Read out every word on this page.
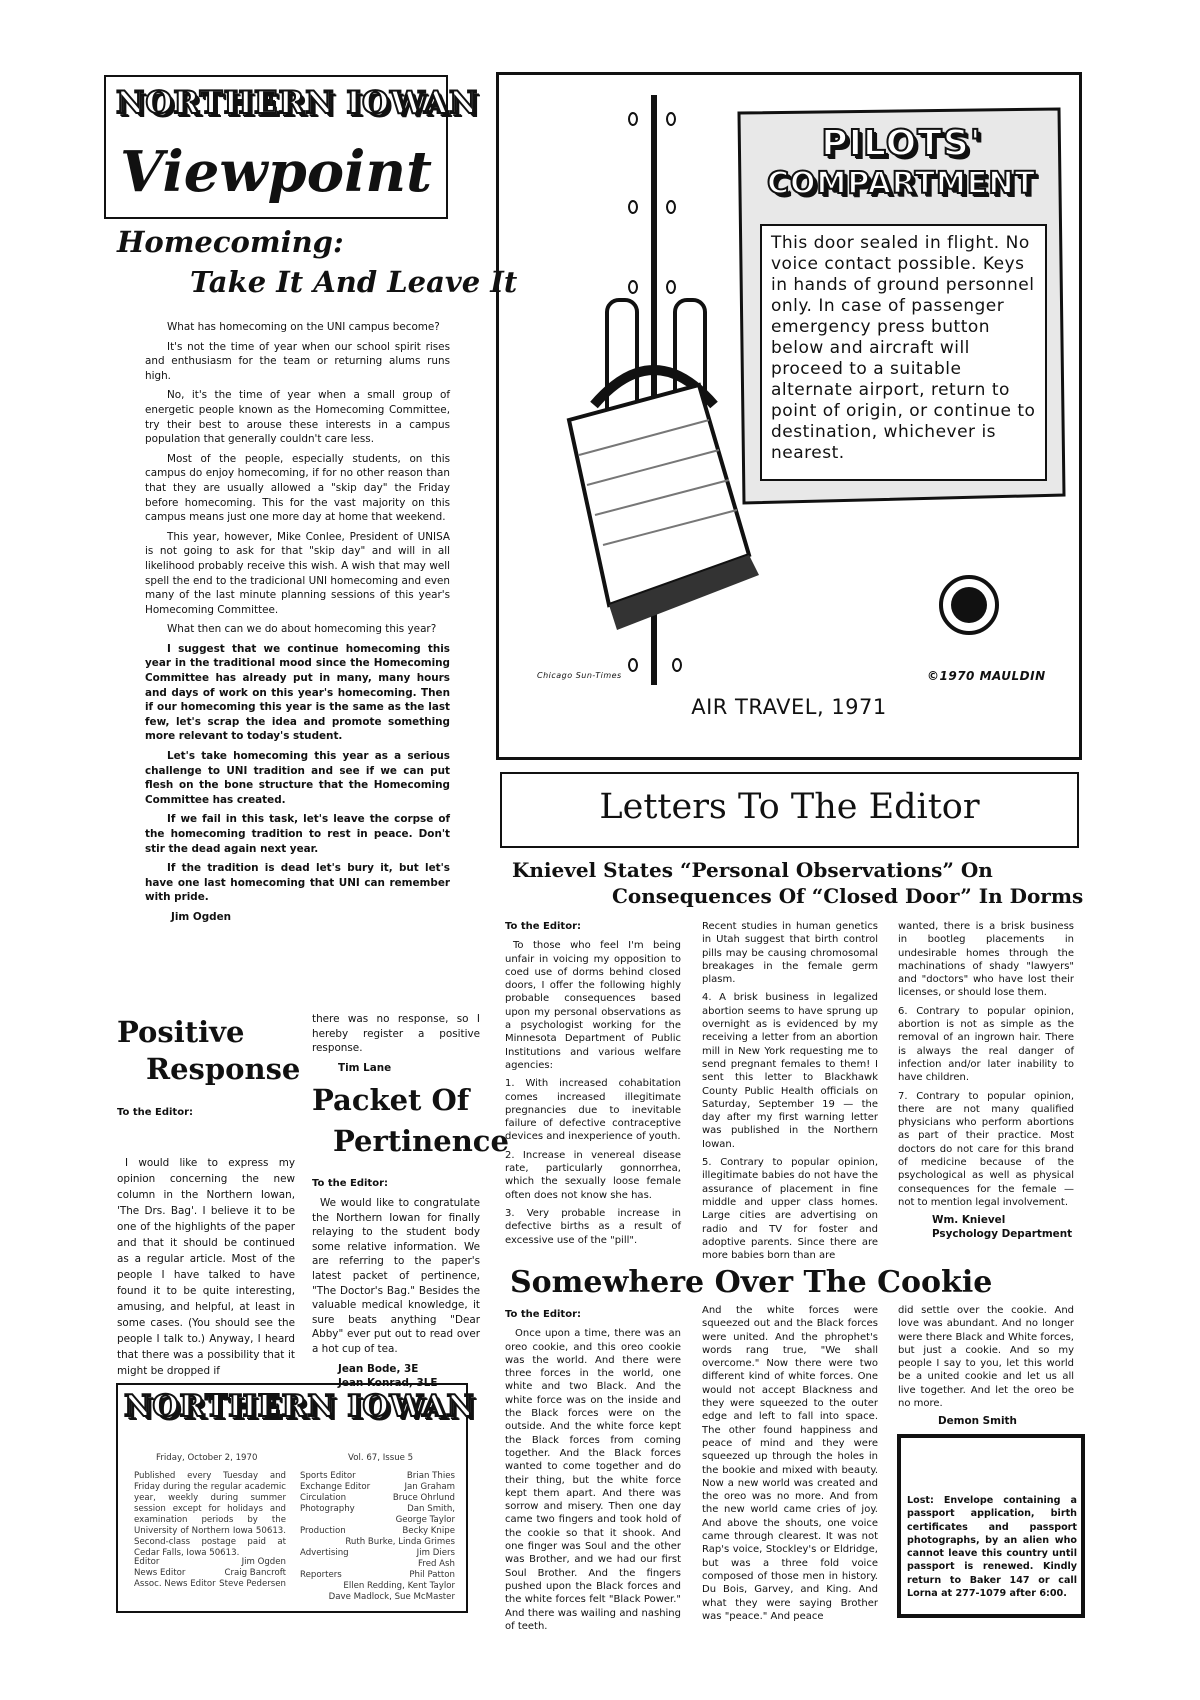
NORTHERN IOWAN
Viewpoint
Homecoming:
Take It And Leave It

What has homecoming on the UNI campus become?

It's not the time of year when our school spirit rises and enthusiasm for the team or returning alums runs high.

No, it's the time of year when a small group of energetic people known as the Homecoming Committee, try their best to arouse these interests in a campus population that generally couldn't care less.

Most of the people, especially students, on this campus do enjoy homecoming, if for no other reason than that they are usually allowed a "skip day" the Friday before homecoming. This for the vast majority on this campus means just one more day at home that weekend.

This year, however, Mike Conlee, President of UNISA is not going to ask for that "skip day" and will in all likelihood probably receive this wish. A wish that may well spell the end to the tradicional UNI homecoming and even many of the last minute planning sessions of this year's Homecoming Committee.

What then can we do about homecoming this year?

I suggest that we continue homecoming this year in the traditional mood since the Homecoming Committee has already put in many, many hours and days of work on this year's homecoming. Then if our homecoming this year is the same as the last few, let's scrap the idea and promote something more relevant to today's student.

Let's take homecoming this year as a serious challenge to UNI tradition and see if we can put flesh on the bone structure that the Homecoming Committee has created.

If we fail in this task, let's leave the corpse of the homecoming tradition to rest in peace. Don't stir the dead again next year.

If the tradition is dead let's bury it, but let's have one last homecoming that UNI can remember with pride.

Jim Ogden
Positive
Response
To the Editor:

I would like to express my opinion concerning the new column in the Northern Iowan, 'The Drs. Bag'. I believe it to be one of the highlights of the paper and that it should be continued as a regular article. Most of the people I have talked to have found it to be quite interesting, amusing, and helpful, at least in some cases. (You should see the people I talk to.) Anyway, I heard that there was a possibility that it might be dropped if

there was no response, so I hereby register a positive response.

Tim Lane
Packet Of
Pertinence
To the Editor:

We would like to congratulate the Northern Iowan for finally relaying to the student body some relative information. We are referring to the paper's latest packet of pertinence, "The Doctor's Bag." Besides the valuable medical knowledge, it sure beats anything "Dear Abby" ever put out to read over a hot cup of tea.

Jean Bode, 3E
Jean Konrad, 3LE
NORTHERN IOWAN
Friday, October 2, 1970	Vol. 67, Issue 5
Published every Tuesday and Friday during the regular academic year, weekly during summer session except for holidays and examination periods by the University of Northern Iowa 50613. Second-class postage paid at Cedar Falls, Iowa 50613.
Editor	Jim Ogden
News Editor	Craig Bancroft
Assoc. News Editor Steve Pedersen
Sports Editor	Brian Thies
Exchange Editor	Jan Graham
Circulation	Bruce Ohrlund
Photography	Dan Smith,
George Taylor
Production	Becky Knipe
Ruth Burke, Linda Grimes
Advertising	Jim Diers
Fred Ash
Reporters	Phil Patton
Ellen Redding, Kent Taylor
Dave Madlock, Sue McMaster
PILOTS'
COMPARTMENT
This door sealed in flight. No voice contact possible. Keys in hands of ground personnel only. In case of passenger emergency press button below and aircraft will proceed to a suitable alternate airport, return to point of origin, or continue to destination, whichever is nearest.
Chicago Sun-Times	©1970 MAULDIN
AIR TRAVEL, 1971
Letters To The Editor
Knievel States “Personal Observations” On
Consequences Of “Closed Door” In Dorms
To the Editor:

To those who feel I'm being unfair in voicing my opposition to coed use of dorms behind closed doors, I offer the following highly probable consequences based upon my personal observations as a psychologist working for the Minnesota Department of Public Institutions and various welfare agencies:

1. With increased cohabitation comes increased illegitimate pregnancies due to inevitable failure of defective contraceptive devices and inexperience of youth.

2. Increase in venereal disease rate, particularly gonnorrhea, which the sexually loose female often does not know she has.

3. Very probable increase in defective births as a result of excessive use of the "pill".

Recent studies in human genetics in Utah suggest that birth control pills may be causing chromosomal breakages in the female germ plasm.

4. A brisk business in legalized abortion seems to have sprung up overnight as is evidenced by my receiving a letter from an abortion mill in New York requesting me to send pregnant females to them! I sent this letter to Blackhawk County Public Health officials on Saturday, September 19 — the day after my first warning letter was published in the Northern Iowan.

5. Contrary to popular opinion, illegitimate babies do not have the assurance of placement in fine middle and upper class homes. Large cities are advertising on radio and TV for foster and adoptive parents. Since there are more babies born than are

wanted, there is a brisk business in bootleg placements in undesirable homes through the machinations of shady "lawyers" and "doctors" who have lost their licenses, or should lose them.

6. Contrary to popular opinion, abortion is not as simple as the removal of an ingrown hair. There is always the real danger of infection and/or later inability to have children.

7. Contrary to popular opinion, there are not many qualified physicians who perform abortions as part of their practice. Most doctors do not care for this brand of medicine because of the psychological as well as physical consequences for the female — not to mention legal involvement.

Wm. Knievel
Psychology Department
Somewhere Over The Cookie
To the Editor:

Once upon a time, there was an oreo cookie, and this oreo cookie was the world. And there were three forces in the world, one white and two Black. And the white force was on the inside and the Black forces were on the outside. And the white force kept the Black forces from coming together. And the Black forces wanted to come together and do their thing, but the white force kept them apart. And there was sorrow and misery. Then one day came two fingers and took hold of the cookie so that it shook. And one finger was Soul and the other was Brother, and we had our first Soul Brother. And the fingers pushed upon the Black forces and the white forces felt "Black Power." And there was wailing and nashing of teeth.

And the white forces were squeezed out and the Black forces were united. And the phrophet's words rang true, "We shall overcome." Now there were two different kind of white forces. One would not accept Blackness and they were squeezed to the outer edge and left to fall into space. The other found happiness and peace of mind and they were squeezed up through the holes in the bookie and mixed with beauty. Now a new world was created and the oreo was no more. And from the new world came cries of joy. And above the shouts, one voice came through clearest. It was not Rap's voice, Stockley's or Eldridge, but was a three fold voice composed of those men in history. Du Bois, Garvey, and King. And what they were saying Brother was "peace." And peace

did settle over the cookie. And love was abundant. And no longer were there Black and White forces, but just a cookie. And so my people I say to you, let this world be a united cookie and let us all live together. And let the oreo be no more.

Demon Smith
Lost: Envelope containing a passport application, birth certificates and passport photographs, by an alien who cannot leave this country until passport is renewed. Kindly return to Baker 147 or call Lorna at 277-1079 after 6:00.
